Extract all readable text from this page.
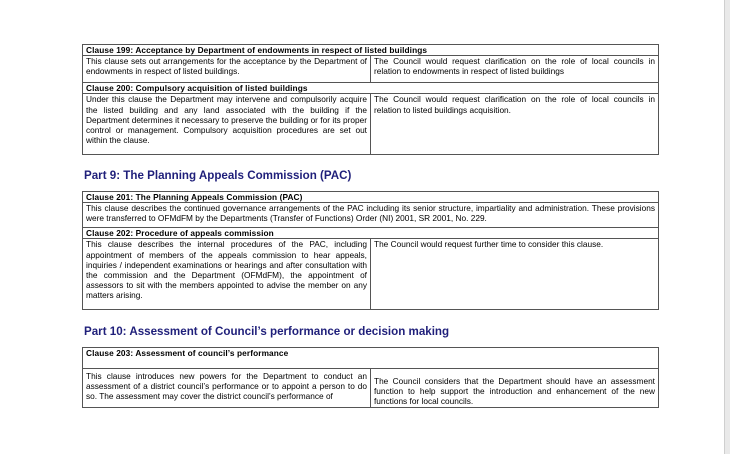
Clause 199: Acceptance by Department of endowments in respect of listed buildings	
This clause sets out arrangements for the acceptance by the Department of endowments in respect of listed buildings.	The Council would request clarification on the role of local councils in relation to endowments in respect of listed buildings
Clause 200: Compulsory acquisition of listed buildings	
Under this clause the Department may intervene and compulsorily acquire the listed building and any land associated with the building if the Department determines it necessary to preserve the building or for its proper control or management. Compulsory acquisition procedures are set out within the clause.	The Council would request clarification on the role of local councils in relation to listed buildings acquisition.
Part 9: The Planning Appeals Commission (PAC)
Clause 201: The Planning Appeals Commission (PAC)
This clause describes the continued governance arrangements of the PAC including its senior structure, impartiality and administration. These provisions were transferred to OFMdFM by the Departments (Transfer of Functions) Order (NI) 2001, SR 2001, No. 229.
Clause 202: Procedure of appeals commission
This clause describes the internal procedures of the PAC, including appointment of members of the appeals commission to hear appeals, inquiries / independent examinations or hearings and after consultation with the commission and the Department (OFMdFM), the appointment of assessors to sit with the members appointed to advise the member on any matters arising.	The Council would request further time to consider this clause.
Part 10: Assessment of Council’s performance or decision making
Clause 203: Assessment of council’s performance
This clause introduces new powers for the Department to conduct an assessment of a district council’s performance or to appoint a person to do so. The assessment may cover the district council’s performance of	The Council considers that the Department should have an assessment function to help support the introduction and enhancement of the new functions for local councils.
